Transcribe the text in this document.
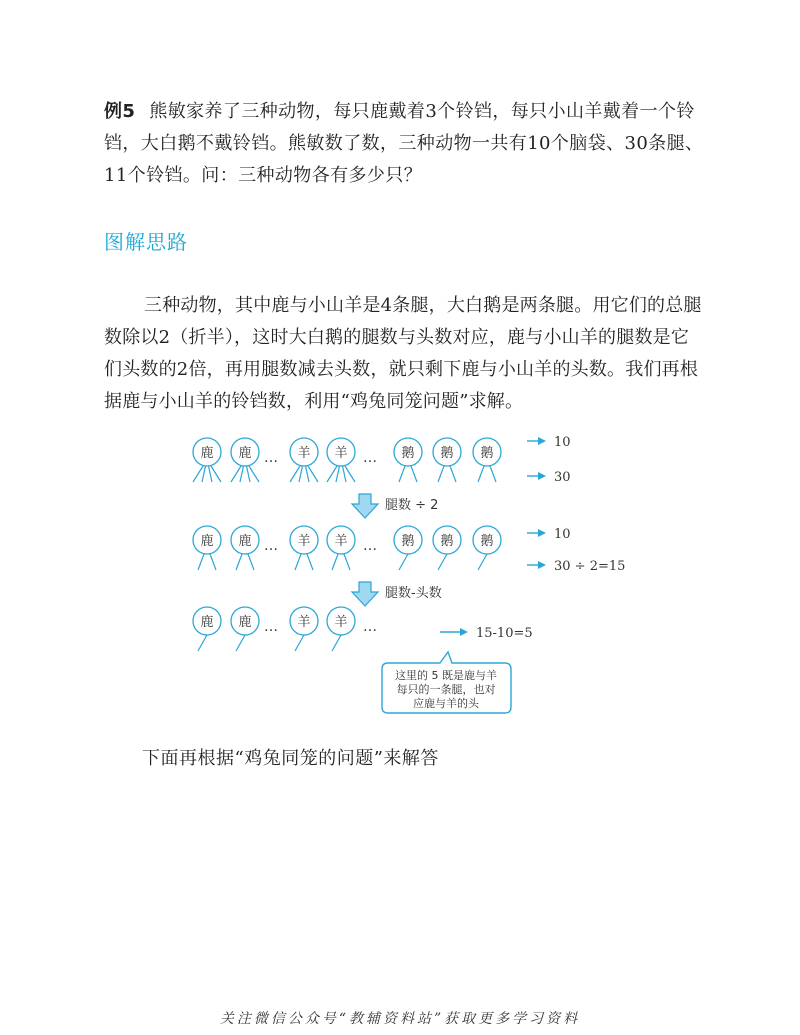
例5 熊敏家养了三种动物，每只鹿戴着3个铃铛，每只小山羊戴着一个铃铛，大白鹅不戴铃铛。熊敏数了数，三种动物一共有10个脑袋、30条腿、11个铃铛。问：三种动物各有多少只？
图解思路
三种动物，其中鹿与小山羊是4条腿，大白鹅是两条腿。用它们的总腿数除以2（折半），这时大白鹅的腿数与头数对应，鹿与小山羊的腿数是它们头数的2倍，再用腿数减去头数，就只剩下鹿与小山羊的头数。我们再根据鹿与小山羊的铃铛数，利用“鸡兔同笼问题”求解。
鹿 鹿 … 羊 羊 … 鹅 鹅 鹅
10
30
腿数 ÷ 2
鹿 鹿 … 羊 羊 … 鹅 鹅 鹅	10
30 ÷ 2=15
腿数-头数
鹿 鹿 … 羊 羊 …	15-10=5
这里的 5 既是鹿与羊
每只的一条腿，也对
应鹿与羊的头
下面再根据“鸡兔同笼的问题”来解答
关注微信公众号“教辅资料站”获取更多学习资料
